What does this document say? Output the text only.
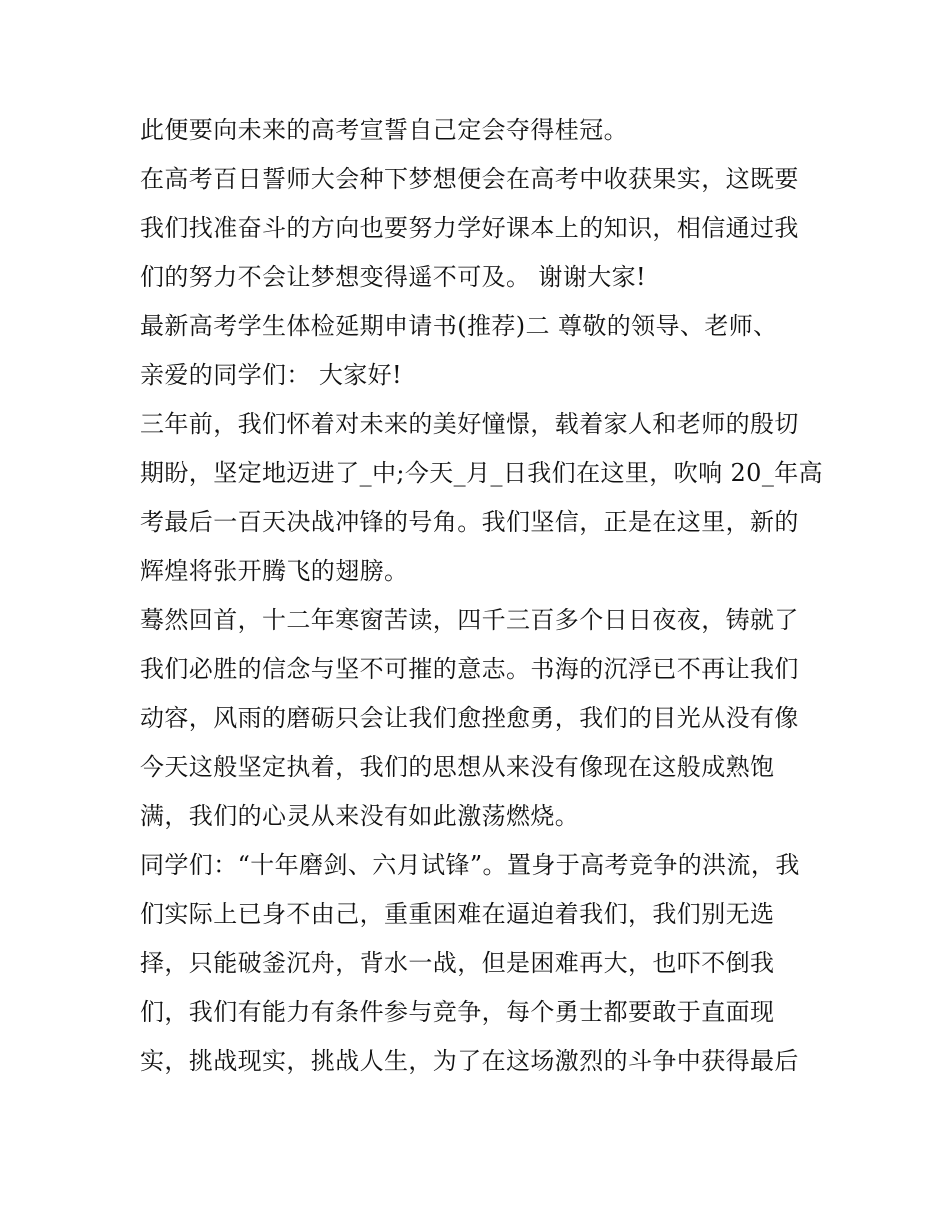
此便要向未来的高考宣誓自己定会夺得桂冠。

在高考百日誓师大会种下梦想便会在高考中收获果实，这既要

我们找准奋斗的方向也要努力学好课本上的知识，相信通过我

们的努力不会让梦想变得遥不可及。 谢谢大家!

最新高考学生体检延期申请书(推荐)二 尊敬的领导、老师、

亲爱的同学们： 大家好!

三年前，我们怀着对未来的美好憧憬，载着家人和老师的殷切

期盼，坚定地迈进了_中;今天_月_日我们在这里，吹响 20_年高

考最后一百天决战冲锋的号角。我们坚信，正是在这里，新的

辉煌将张开腾飞的翅膀。

蓦然回首，十二年寒窗苦读，四千三百多个日日夜夜，铸就了

我们必胜的信念与坚不可摧的意志。书海的沉浮已不再让我们

动容，风雨的磨砺只会让我们愈挫愈勇，我们的目光从没有像

今天这般坚定执着，我们的思想从来没有像现在这般成熟饱

满，我们的心灵从来没有如此激荡燃烧。

同学们：“十年磨剑、六月试锋”。置身于高考竞争的洪流，我

们实际上已身不由己，重重困难在逼迫着我们，我们别无选

择，只能破釜沉舟，背水一战，但是困难再大，也吓不倒我

们，我们有能力有条件参与竞争，每个勇士都要敢于直面现

实，挑战现实，挑战人生，为了在这场激烈的斗争中获得最后
